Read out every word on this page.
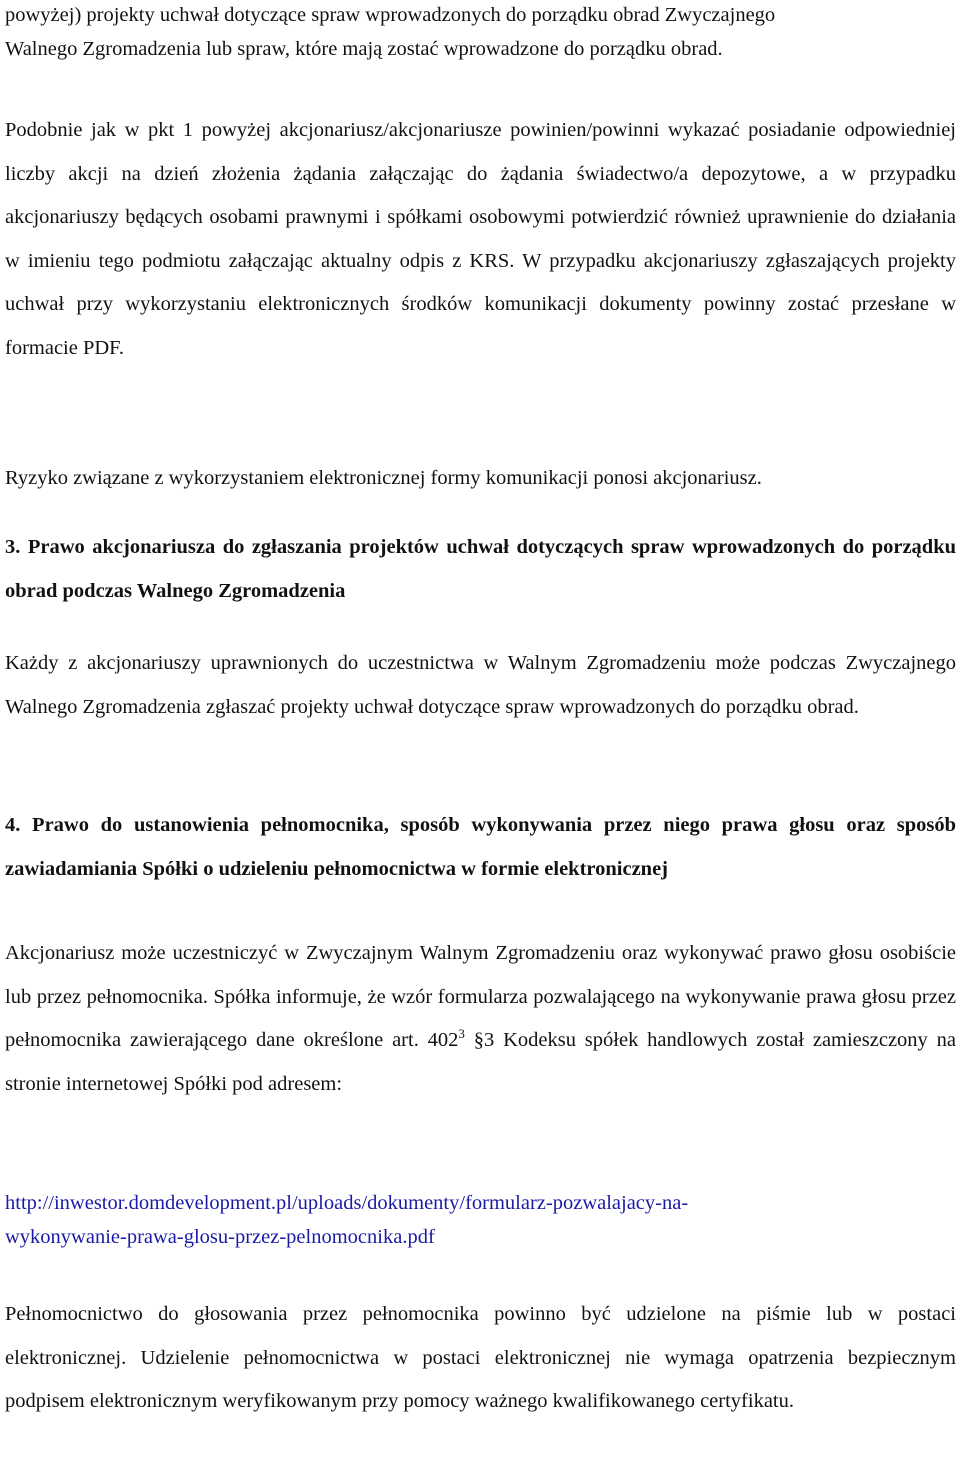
powyżej) projekty uchwał dotyczące spraw wprowadzonych do porządku obrad Zwyczajnego

Walnego Zgromadzenia lub spraw, które mają zostać wprowadzone do porządku obrad.

Podobnie jak w pkt 1 powyżej akcjonariusz/akcjonariusze powinien/powinni wykazać posiadanie odpowiedniej liczby akcji na dzień złożenia żądania załączając do żądania świadectwo/a depozytowe, a w przypadku akcjonariuszy będących osobami prawnymi i spółkami osobowymi potwierdzić również uprawnienie do działania w imieniu tego podmiotu załączając aktualny odpis z KRS. W przypadku akcjonariuszy zgłaszających projekty uchwał przy wykorzystaniu elektronicznych środków komunikacji dokumenty powinny zostać przesłane w formacie PDF.

Ryzyko związane z wykorzystaniem elektronicznej formy komunikacji ponosi akcjonariusz.

3. Prawo akcjonariusza do zgłaszania projektów uchwał dotyczących spraw wprowadzonych do porządku obrad podczas Walnego Zgromadzenia

Każdy z akcjonariuszy uprawnionych do uczestnictwa w Walnym Zgromadzeniu może podczas Zwyczajnego Walnego Zgromadzenia zgłaszać projekty uchwał dotyczące spraw wprowadzonych do porządku obrad.

4. Prawo do ustanowienia pełnomocnika, sposób wykonywania przez niego prawa głosu oraz sposób zawiadamiania Spółki o udzieleniu pełnomocnictwa w formie elektronicznej

Akcjonariusz może uczestniczyć w Zwyczajnym Walnym Zgromadzeniu oraz wykonywać prawo głosu osobiście lub przez pełnomocnika. Spółka informuje, że wzór formularza pozwalającego na wykonywanie prawa głosu przez pełnomocnika zawierającego dane określone art. $402^3$ §3 Kodeksu spółek handlowych został zamieszczony na stronie internetowej Spółki pod adresem:

http://inwestor.domdevelopment.pl/uploads/dokumenty/formularz-pozwalajacy-na-
wykonywanie-prawa-glosu-przez-pelnomocnika.pdf

Pełnomocnictwo do głosowania przez pełnomocnika powinno być udzielone na piśmie lub w postaci elektronicznej. Udzielenie pełnomocnictwa w postaci elektronicznej nie wymaga opatrzenia bezpiecznym podpisem elektronicznym weryfikowanym przy pomocy ważnego kwalifikowanego certyfikatu.
